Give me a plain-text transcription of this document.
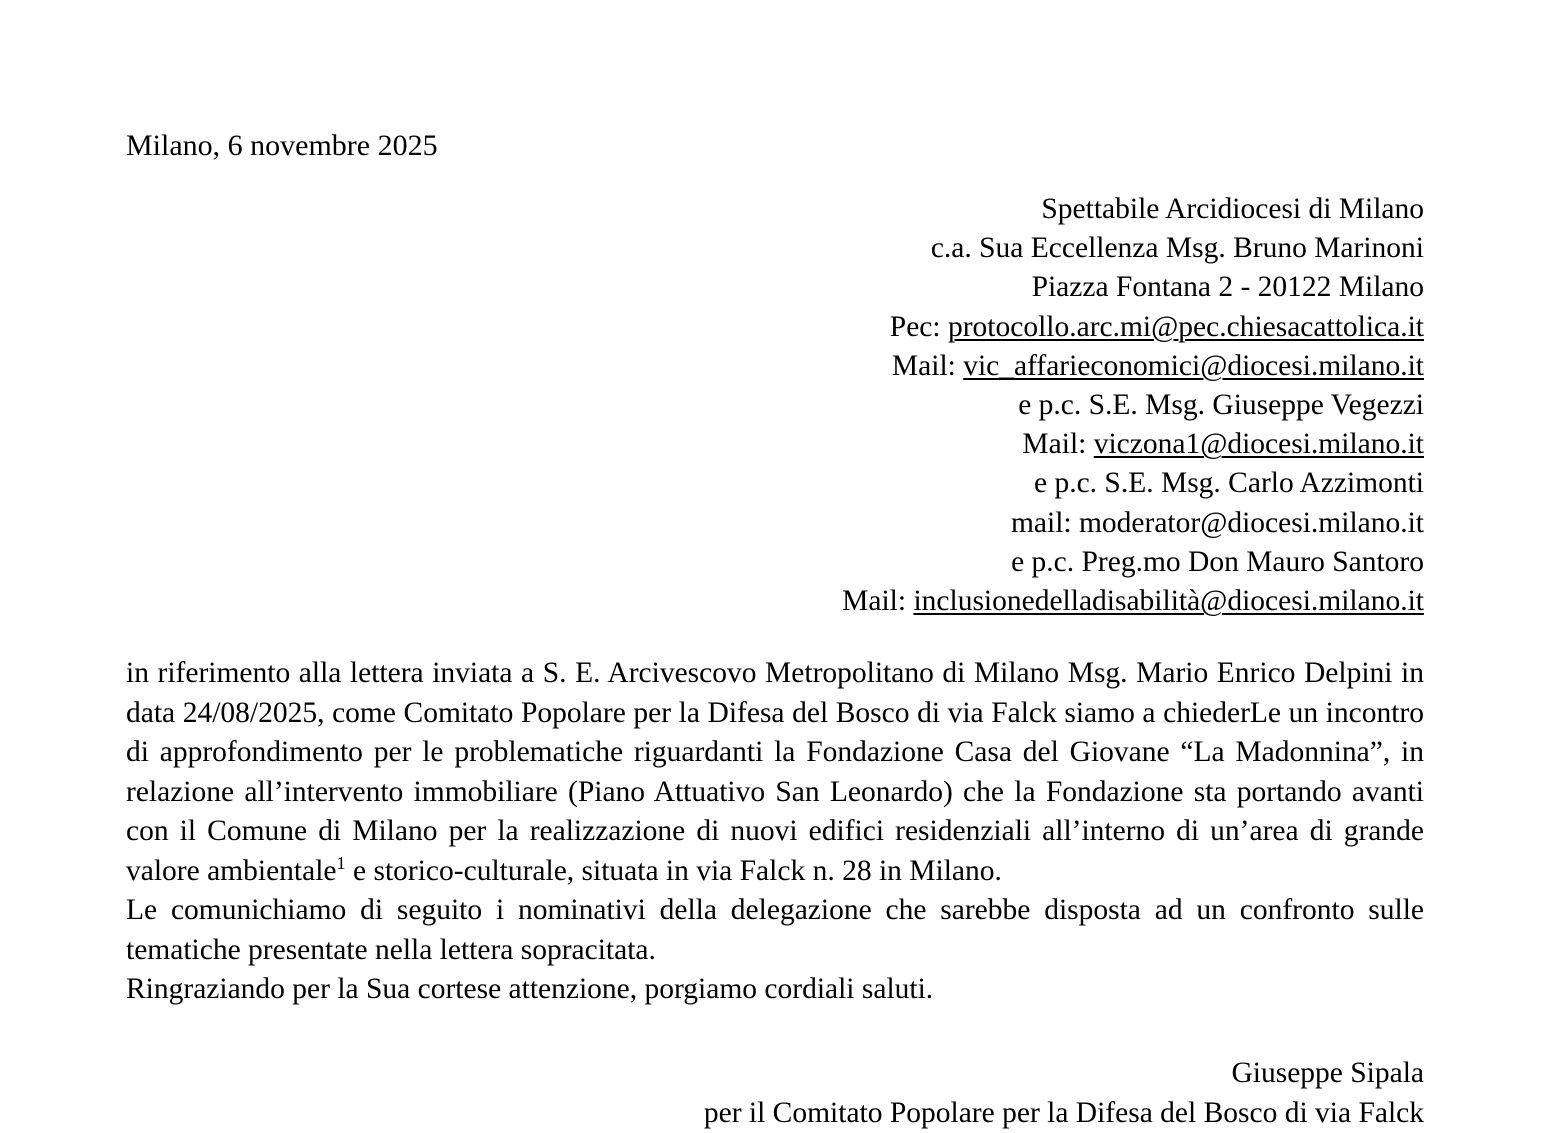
Milano, 6 novembre 2025
Spettabile Arcidiocesi di Milano
c.a. Sua Eccellenza Msg. Bruno Marinoni
Piazza Fontana 2 - 20122 Milano
Pec: protocollo.arc.mi@pec.chiesacattolica.it
Mail: vic_affarieconomici@diocesi.milano.it
e p.c. S.E. Msg. Giuseppe Vegezzi
Mail: viczona1@diocesi.milano.it
e p.c. S.E. Msg. Carlo Azzimonti
mail: moderator@diocesi.milano.it
e p.c. Preg.mo Don Mauro Santoro
Mail: inclusionedelladisabilità@diocesi.milano.it

in riferimento alla lettera inviata a S. E. Arcivescovo Metropolitano di Milano Msg. Mario Enrico Delpini in data 24/08/2025, come Comitato Popolare per la Difesa del Bosco di via Falck siamo a chiederLe un incontro di approfondimento per le problematiche riguardanti la Fondazione Casa del Giovane “La Madonnina”, in relazione all’intervento immobiliare (Piano Attuativo San Leonardo) che la Fondazione sta portando avanti con il Comune di Milano per la realizzazione di nuovi edifici residenziali all’interno di un’area di grande valore ambientale$^1$ e storico-culturale, situata in via Falck n. 28 in Milano.

Le comunichiamo di seguito i nominativi della delegazione che sarebbe disposta ad un confronto sulle tematiche presentate nella lettera sopracitata.

Ringraziando per la Sua cortese attenzione, porgiamo cordiali saluti.

Giuseppe Sipala
per il Comitato Popolare per la Difesa del Bosco di via Falck
